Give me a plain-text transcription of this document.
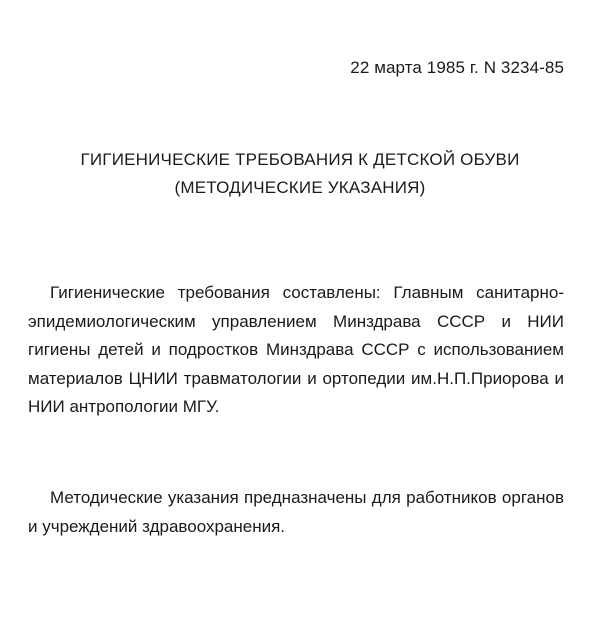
22 марта 1985 г. N 3234-85
ГИГИЕНИЧЕСКИЕ ТРЕБОВАНИЯ К ДЕТСКОЙ ОБУВИ
(МЕТОДИЧЕСКИЕ УКАЗАНИЯ)

Гигиенические требования составлены: Главным санитарно-эпидемиологическим управлением Минздрава СССР и НИИ гигиены детей и подростков Минздрава СССР с использованием материалов ЦНИИ травматологии и ортопедии им.Н.П.Приорова и НИИ антропологии МГУ.

Методические указания предназначены для работников органов и учреждений здравоохранения.
